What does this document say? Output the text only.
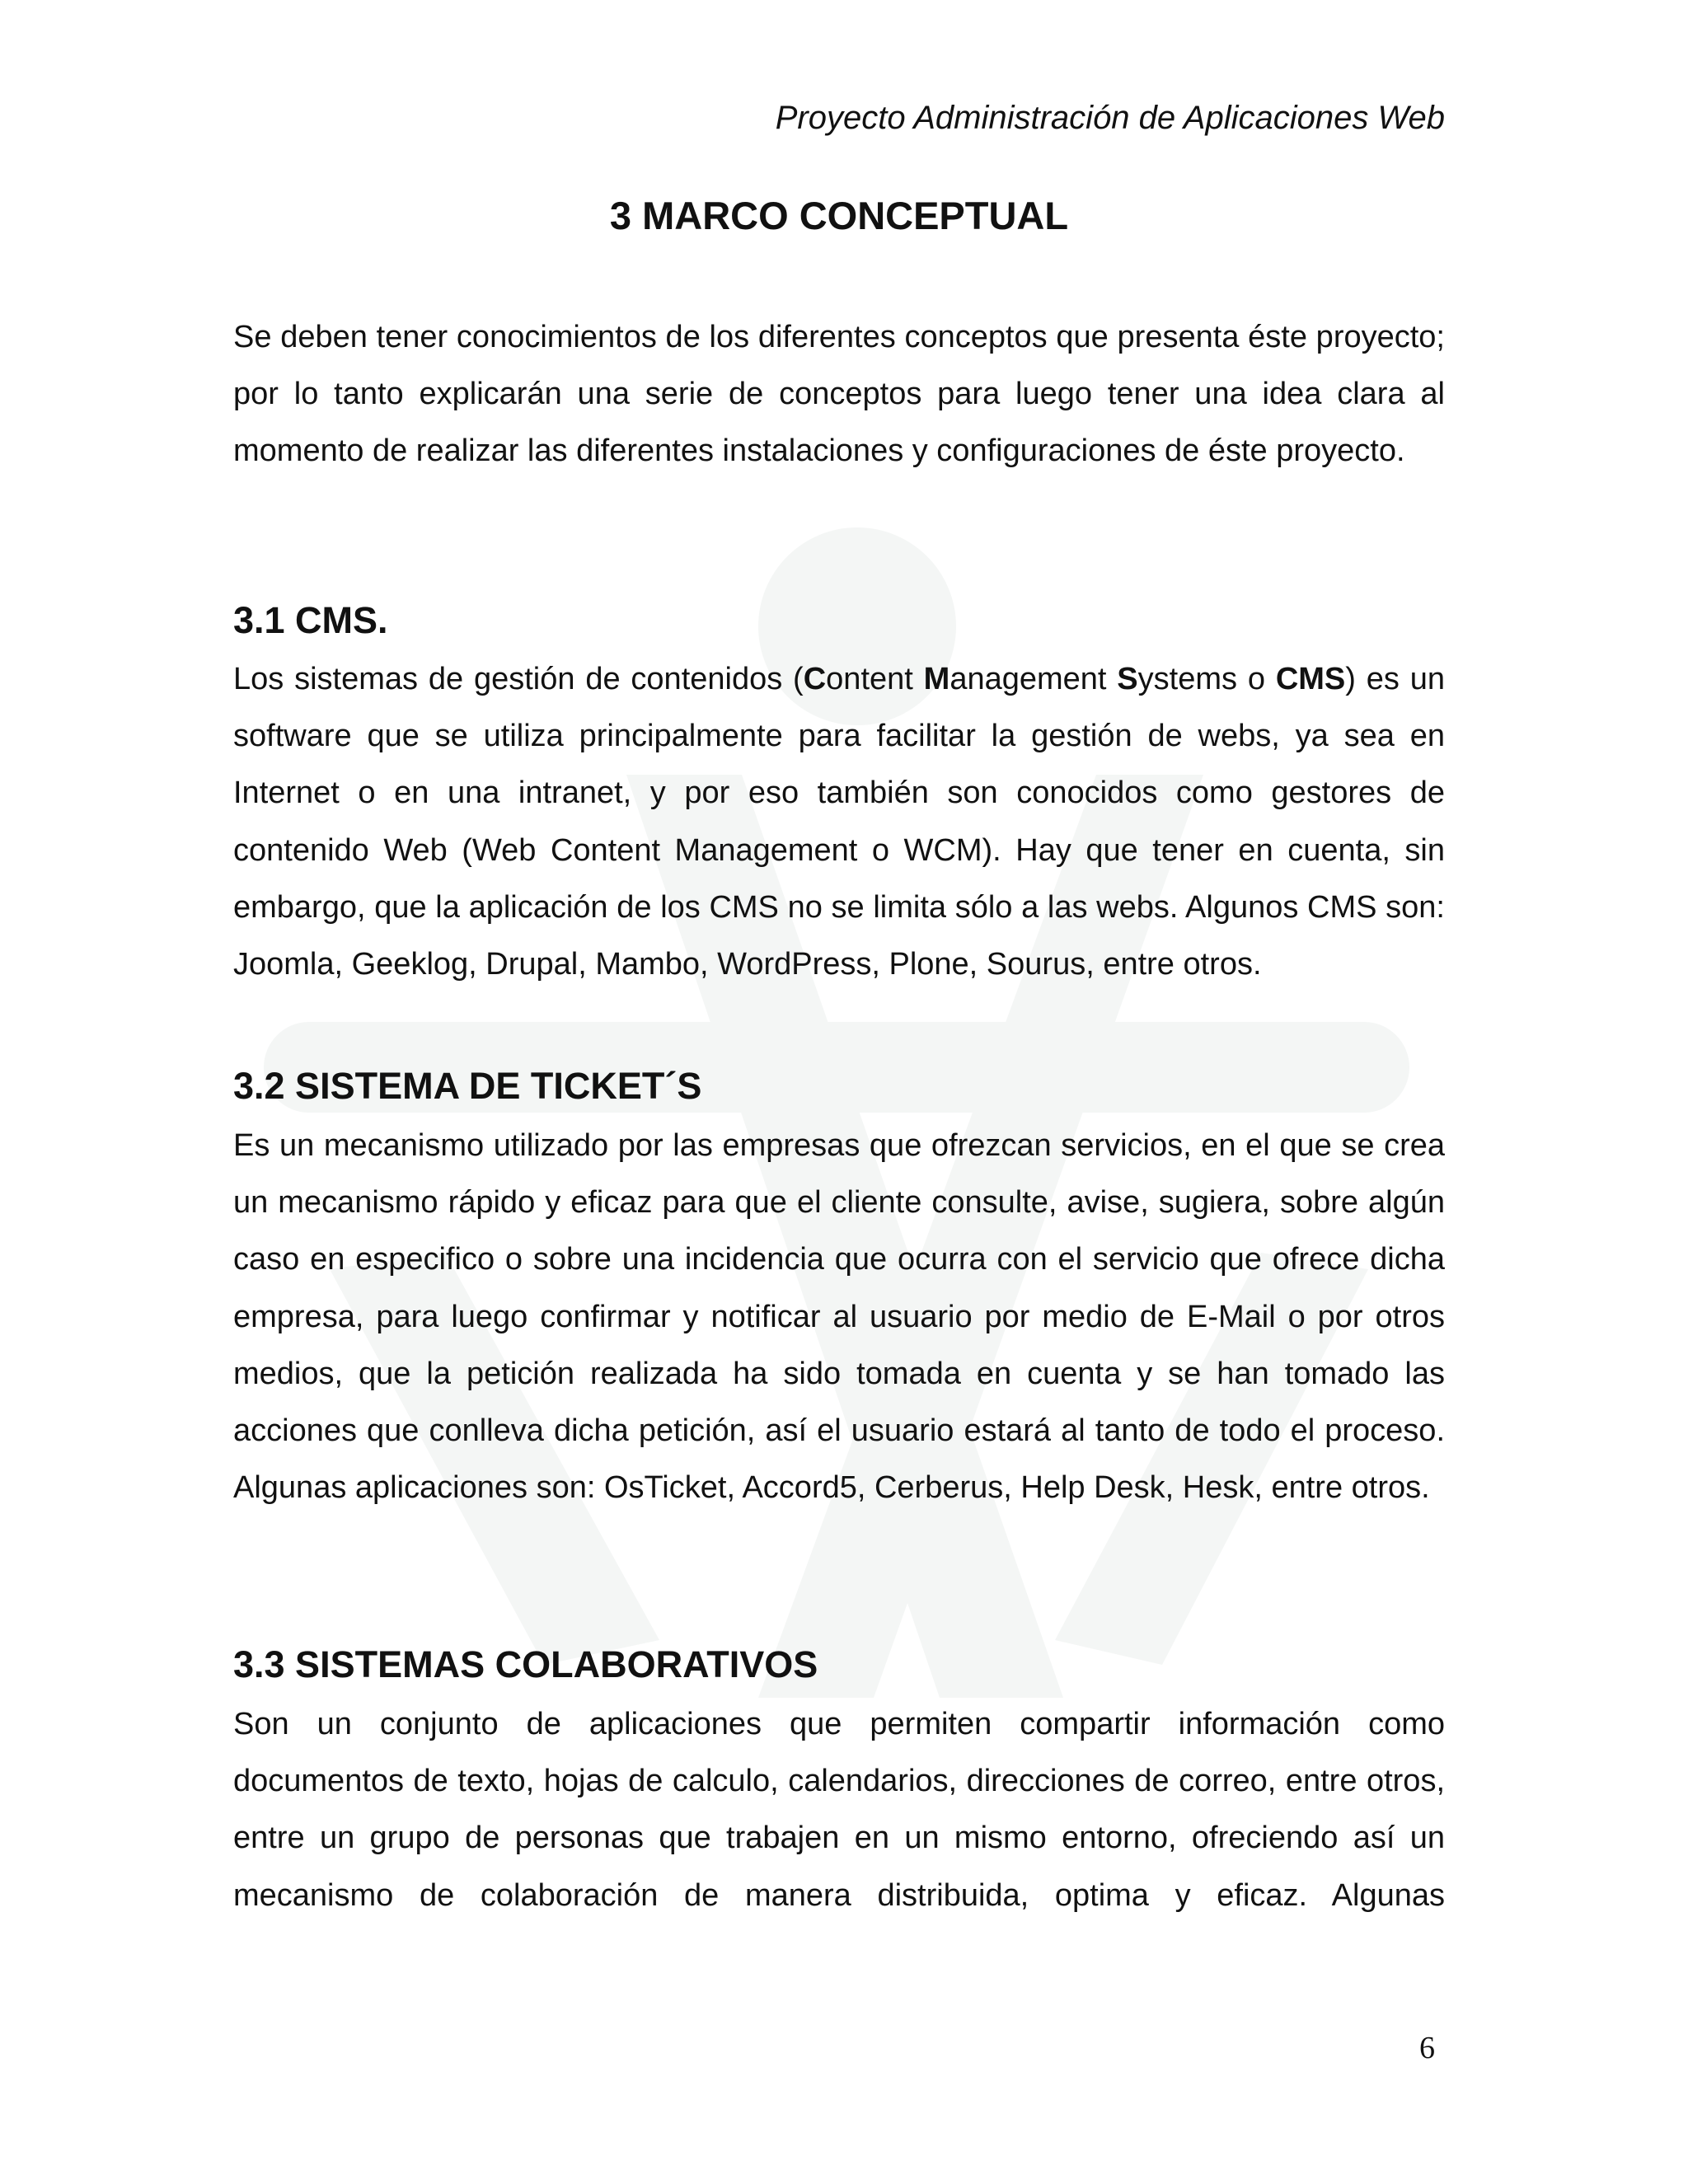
Proyecto Administración de Aplicaciones Web
3 MARCO CONCEPTUAL

Se deben tener conocimientos de los diferentes conceptos que presenta éste proyecto; por lo tanto explicarán una serie de conceptos para luego tener una idea clara al momento de realizar las diferentes instalaciones y configuraciones de éste proyecto.

3.1 CMS.

Los sistemas de gestión de contenidos (Content Management Systems o CMS) es un software que se utiliza principalmente para facilitar la gestión de webs, ya sea en Internet o en una intranet, y por eso también son conocidos como gestores de contenido Web (Web Content Management o WCM). Hay que tener en cuenta, sin embargo, que la aplicación de los CMS no se limita sólo a las webs. Algunos CMS son: Joomla, Geeklog, Drupal, Mambo, WordPress, Plone, Sourus, entre otros.

3.2 SISTEMA DE TICKET´S

Es un mecanismo utilizado por las empresas que ofrezcan servicios, en el que se crea un mecanismo rápido y eficaz para que el cliente consulte, avise, sugiera, sobre algún caso en especifico o sobre una incidencia que ocurra con el servicio que ofrece dicha empresa, para luego confirmar y notificar al usuario por medio de E-Mail o por otros medios, que la petición realizada ha sido tomada en cuenta y se han tomado las acciones que conlleva dicha petición, así el usuario estará al tanto de todo el proceso. Algunas aplicaciones son: OsTicket, Accord5, Cerberus, Help Desk, Hesk, entre otros.

3.3 SISTEMAS COLABORATIVOS

Son un conjunto de aplicaciones que permiten compartir información como documentos de texto, hojas de calculo, calendarios, direcciones de correo, entre otros, entre un grupo de personas que trabajen en un mismo entorno, ofreciendo así un mecanismo de colaboración de manera distribuida, optima y eficaz. Algunas

6
